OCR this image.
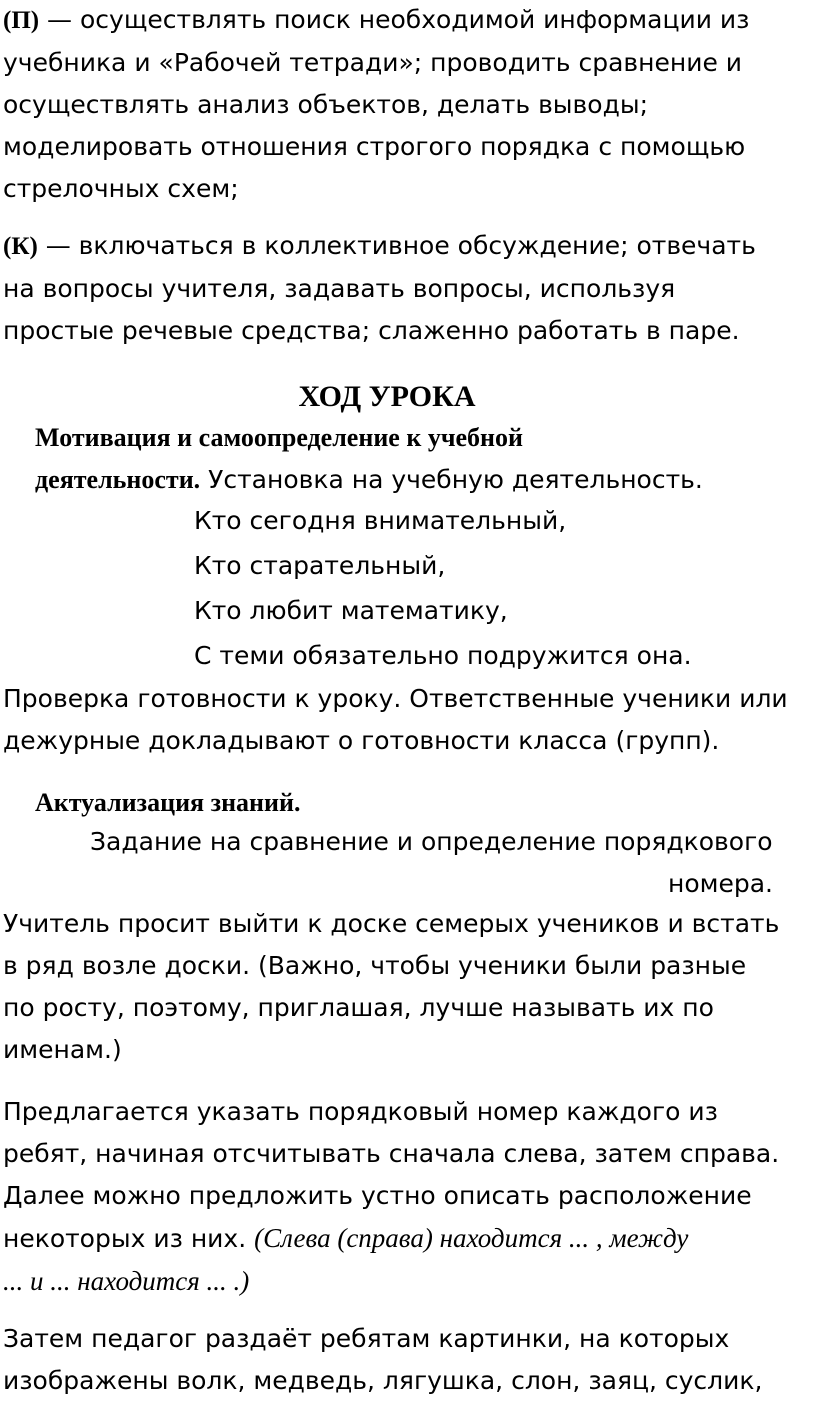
(П) — осуществлять поиск необходимой информации из
учебника и «Рабочей тетради»; проводить сравнение и
осуществлять анализ объектов, делать выводы;
моделировать отношения строгого порядка с помощью
стрелочных схем;
(К) — включаться в коллективное обсуждение; отвечать
на вопросы учителя, задавать вопросы, используя
простые речевые средства; слаженно работать в паре.
ХОД УРОКА
Мотивация и самоопределение к учебной
деятельности. Установка на учебную деятельность.
Кто сегодня внимательный,
Кто старательный,
Кто любит математику,
С теми обязательно подружится она.
Проверка готовности к уроку. Ответственные ученики или
дежурные докладывают о готовности класса (групп).
Актуализация знаний.
Задание на сравнение и определение порядкового
номера.
Учитель просит выйти к доске семерых учеников и встать
в ряд возле доски. (Важно, чтобы ученики были разные
по росту, поэтому, приглашая, лучше называть их по
именам.)
Предлагается указать порядковый номер каждого из
ребят, начиная отсчитывать сначала слева, затем справа.
Далее можно предложить устно описать расположение
некоторых из них. (Слева (справа) находится ... , между
... и ... находится ... .)
Затем педагог раздаёт ребятам картинки, на которых
изображены волк, медведь, лягушка, слон, заяц, суслик,
